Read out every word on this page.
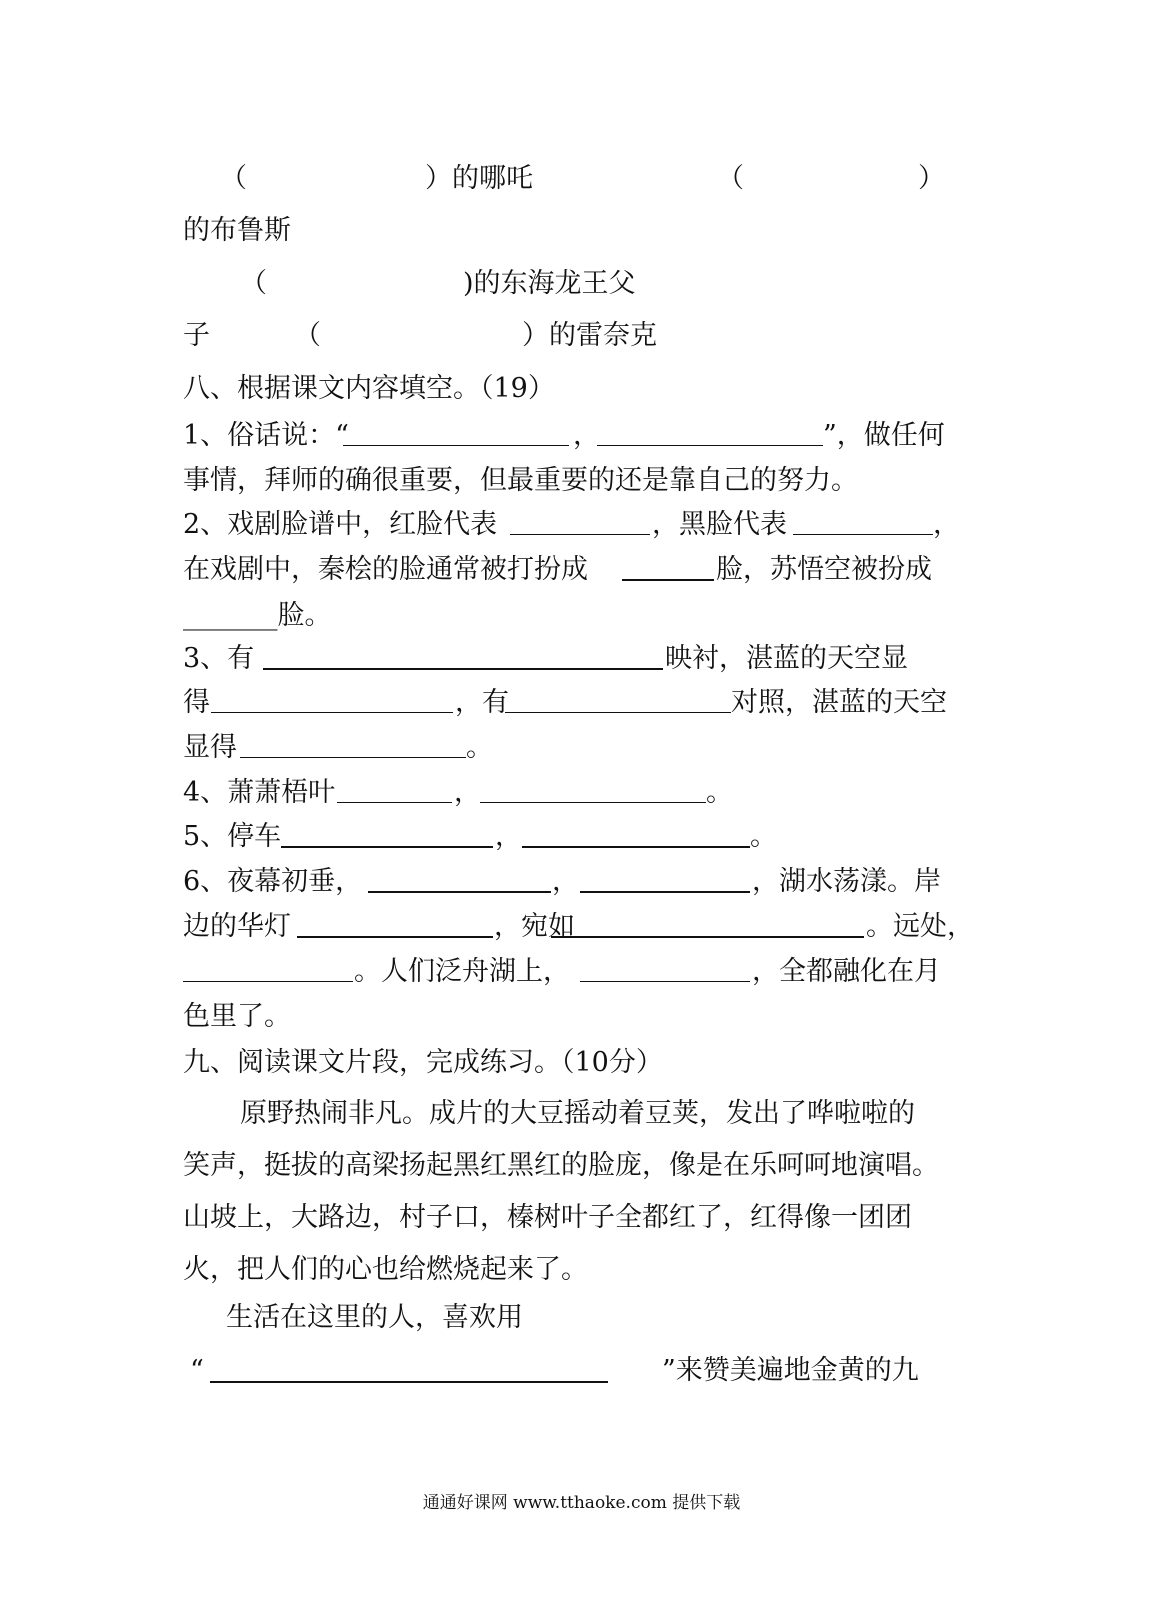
（	）的哪吒	（	）
的布鲁斯
（	)的东海龙王父
子	（	）的雷奈克
八、根据课文内容填空。（19）
1、俗话说：“	，	”，做任何
事情，拜师的确很重要，但最重要的还是靠自己的努力。
2、戏剧脸谱中，红脸代表	，黑脸代表	，
在戏剧中，秦桧的脸通常被打扮成	脸，苏悟空被扮成
_______脸。
3、有	映衬，湛蓝的天空显
得	，有	对照，湛蓝的天空
显得	。
4、萧萧梧叶	，	。
5、停车	，	。
6、夜幕初垂，	，	，湖水荡漾。岸
边的华灯	，宛如	。远处，
。人们泛舟湖上，	，全都融化在月
色里了。
九、阅读课文片段，完成练习。（10分）
原野热闹非凡。成片的大豆摇动着豆荚，发出了哗啦啦的
笑声，挺拔的高梁扬起黑红黑红的脸庞，像是在乐呵呵地演唱。
山坡上，大路边，村子口，榛树叶子全都红了，红得像一团团
火，把人们的心也给燃烧起来了。
生活在这里的人，喜欢用
“	”来赞美遍地金黄的九
通通好课网 www.tthaoke.com 提供下载
